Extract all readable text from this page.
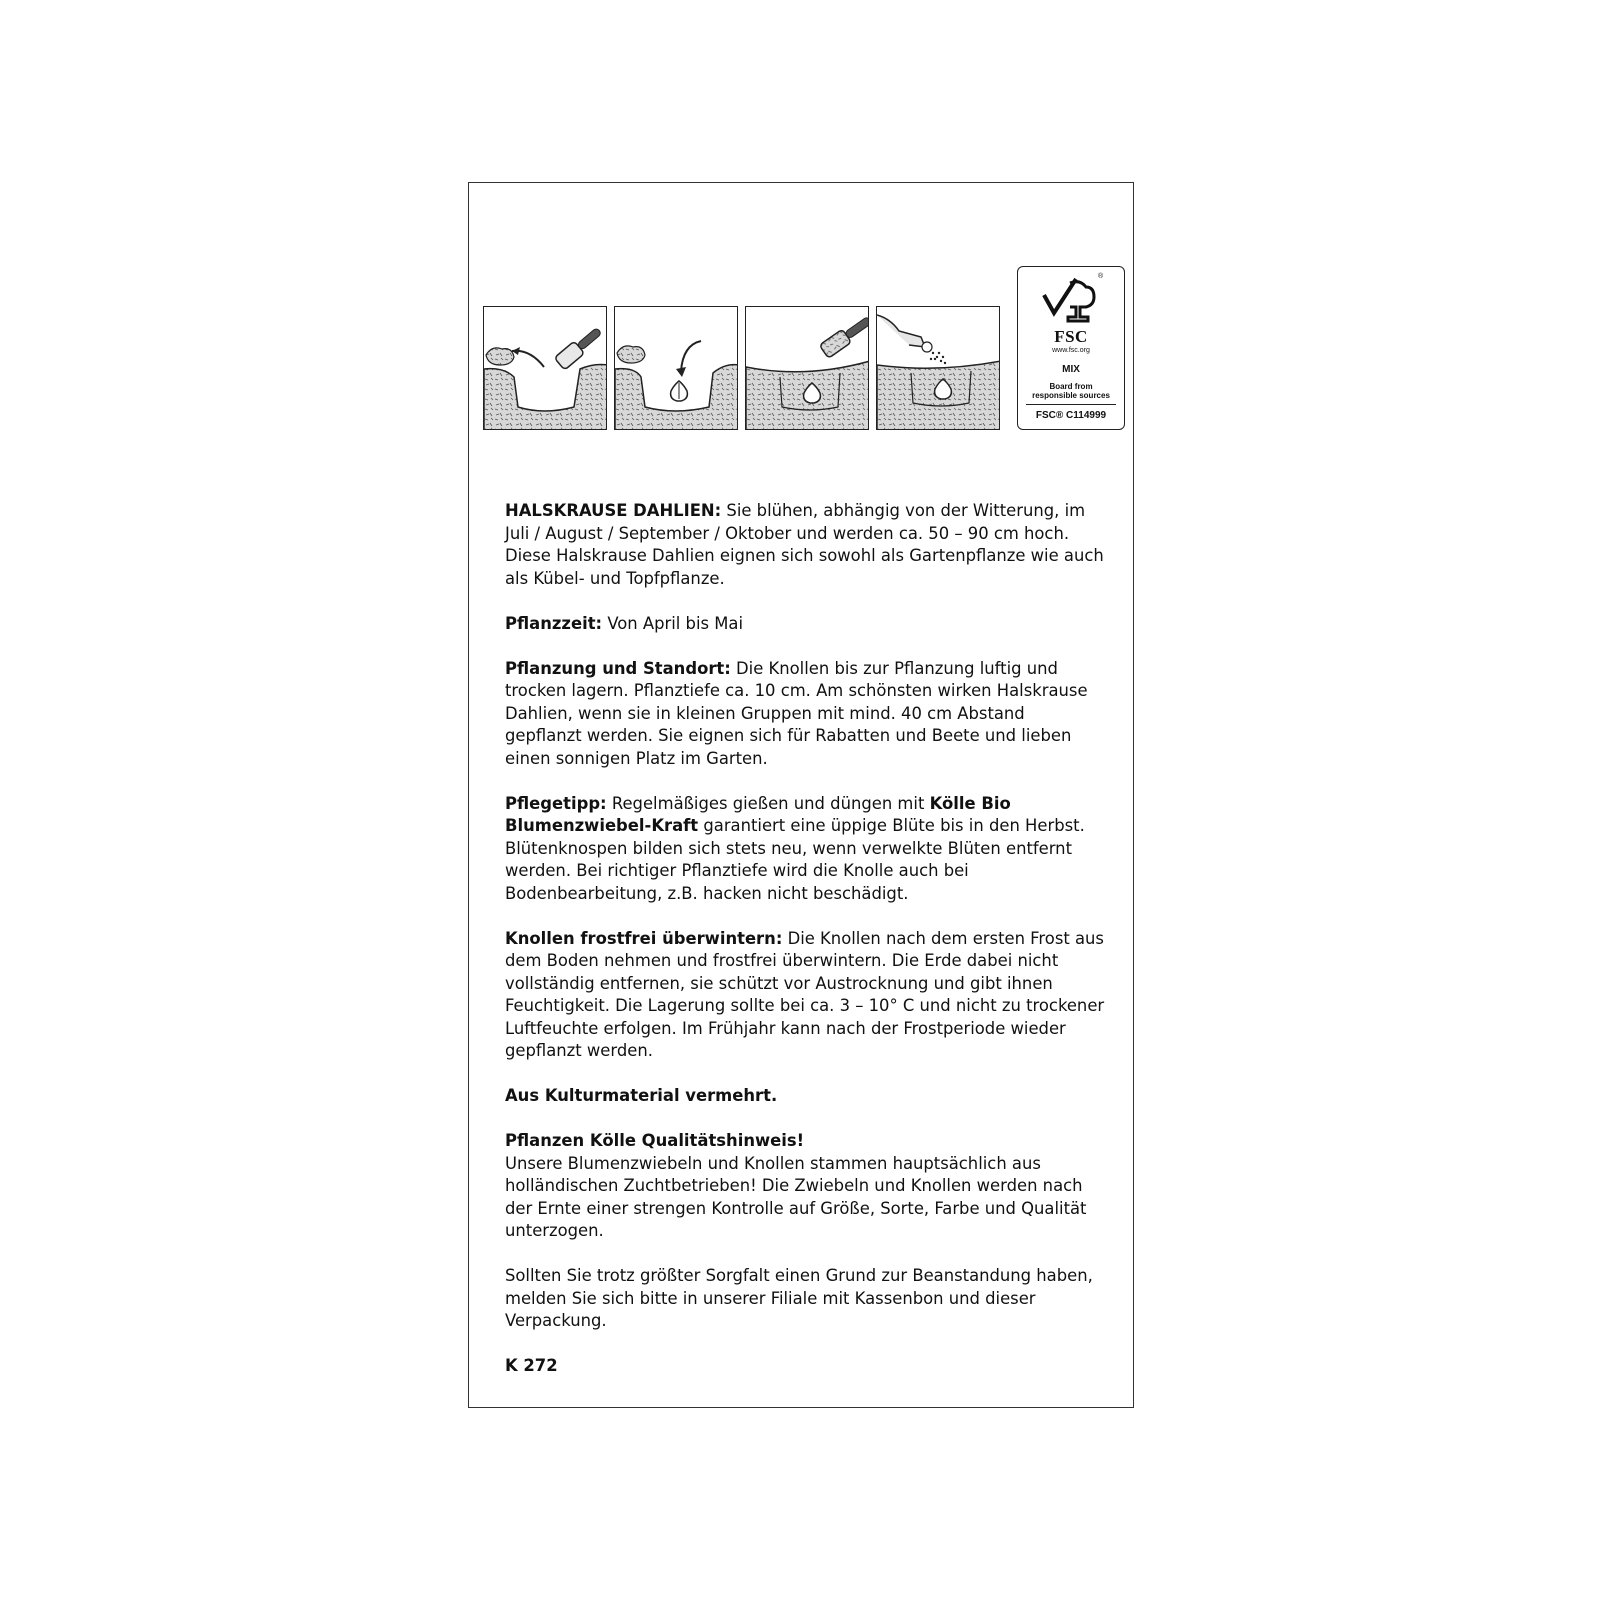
®
FSC
www.fsc.org
MIX
Board from
responsible sources
FSC® C114999

HALSKRAUSE DAHLIEN: Sie blühen, abhängig von der Witterung, im Juli / August / September / Oktober und werden ca. 50 – 90 cm hoch. Diese Halskrause Dahlien eignen sich sowohl als Gartenpflanze wie auch als Kübel- und Topfpflanze.

Pflanzzeit: Von April bis Mai

Pflanzung und Standort: Die Knollen bis zur Pflanzung luftig und trocken lagern. Pflanztiefe ca. 10 cm. Am schönsten wirken Halskrause Dahlien, wenn sie in kleinen Gruppen mit mind. 40 cm Abstand gepflanzt werden. Sie eignen sich für Rabatten und Beete und lieben einen sonnigen Platz im Garten.

Pflegetipp: Regelmäßiges gießen und düngen mit Kölle Bio Blumenzwiebel-Kraft garantiert eine üppige Blüte bis in den Herbst. Blütenknospen bilden sich stets neu, wenn verwelkte Blüten entfernt werden. Bei richtiger Pflanztiefe wird die Knolle auch bei Bodenbearbeitung, z.B. hacken nicht beschädigt.

Knollen frostfrei überwintern: Die Knollen nach dem ersten Frost aus dem Boden nehmen und frostfrei überwintern. Die Erde dabei nicht vollständig entfernen, sie schützt vor Austrocknung und gibt ihnen Feuchtigkeit. Die Lagerung sollte bei ca. 3 – 10° C und nicht zu trockener Luftfeuchte erfolgen. Im Frühjahr kann nach der Frostperiode wieder gepflanzt werden.

Aus Kulturmaterial vermehrt.

Pflanzen Kölle Qualitätshinweis!
Unsere Blumenzwiebeln und Knollen stammen hauptsächlich aus holländischen Zuchtbetrieben! Die Zwiebeln und Knollen werden nach der Ernte einer strengen Kontrolle auf Größe, Sorte, Farbe und Qualität unterzogen.

Sollten Sie trotz größter Sorgfalt einen Grund zur Beanstandung haben, melden Sie sich bitte in unserer Filiale mit Kassenbon und dieser Verpackung.

K 272
